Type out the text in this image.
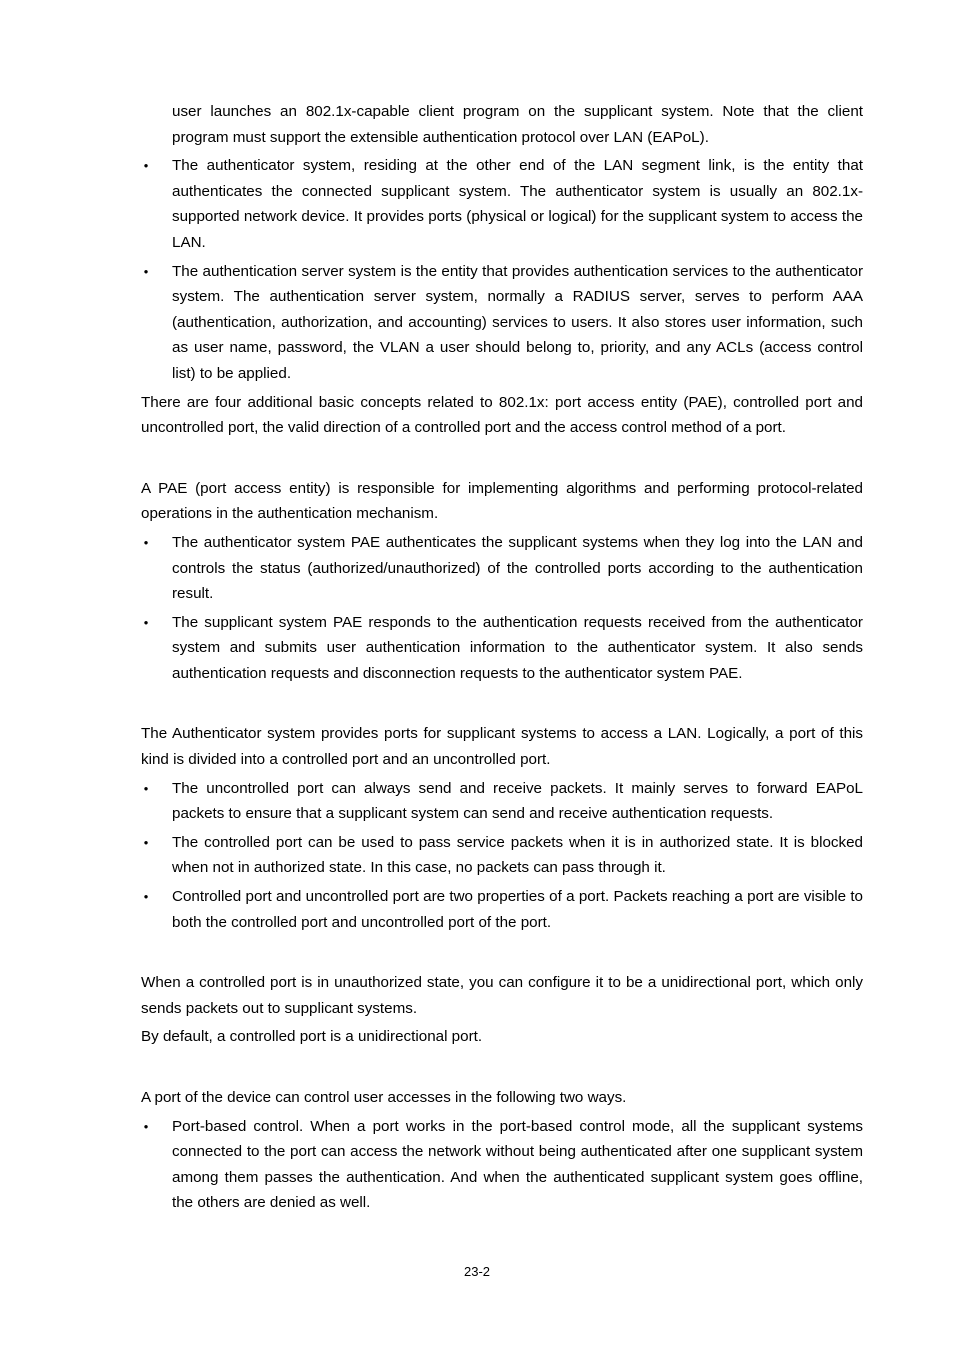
user launches an 802.1x-capable client program on the supplicant system. Note that the client program must support the extensible authentication protocol over LAN (EAPoL).

●
The authenticator system, residing at the other end of the LAN segment link, is the entity that authenticates the connected supplicant system. The authenticator system is usually an 802.1x-supported network device. It provides ports (physical or logical) for the supplicant system to access the LAN.
●
The authentication server system is the entity that provides authentication services to the authenticator system. The authentication server system, normally a RADIUS server, serves to perform AAA (authentication, authorization, and accounting) services to users. It also stores user information, such as user name, password, the VLAN a user should belong to, priority, and any ACLs (access control list) to be applied.

There are four additional basic concepts related to 802.1x: port access entity (PAE), controlled port and uncontrolled port, the valid direction of a controlled port and the access control method of a port.

A PAE (port access entity) is responsible for implementing algorithms and performing protocol-related operations in the authentication mechanism.

●
The authenticator system PAE authenticates the supplicant systems when they log into the LAN and controls the status (authorized/unauthorized) of the controlled ports according to the authentication result.
●
The supplicant system PAE responds to the authentication requests received from the authenticator system and submits user authentication information to the authenticator system. It also sends authentication requests and disconnection requests to the authenticator system PAE.

The Authenticator system provides ports for supplicant systems to access a LAN. Logically, a port of this kind is divided into a controlled port and an uncontrolled port.

●
The uncontrolled port can always send and receive packets. It mainly serves to forward EAPoL packets to ensure that a supplicant system can send and receive authentication requests.
●
The controlled port can be used to pass service packets when it is in authorized state. It is blocked when not in authorized state. In this case, no packets can pass through it.
●
Controlled port and uncontrolled port are two properties of a port. Packets reaching a port are visible to both the controlled port and uncontrolled port of the port.

When a controlled port is in unauthorized state, you can configure it to be a unidirectional port, which only sends packets out to supplicant systems.

By default, a controlled port is a unidirectional port.

A port of the device can control user accesses in the following two ways.

●
Port-based control. When a port works in the port-based control mode, all the supplicant systems connected to the port can access the network without being authenticated after one supplicant system among them passes the authentication. And when the authenticated supplicant system goes offline, the others are denied as well.
23-2
